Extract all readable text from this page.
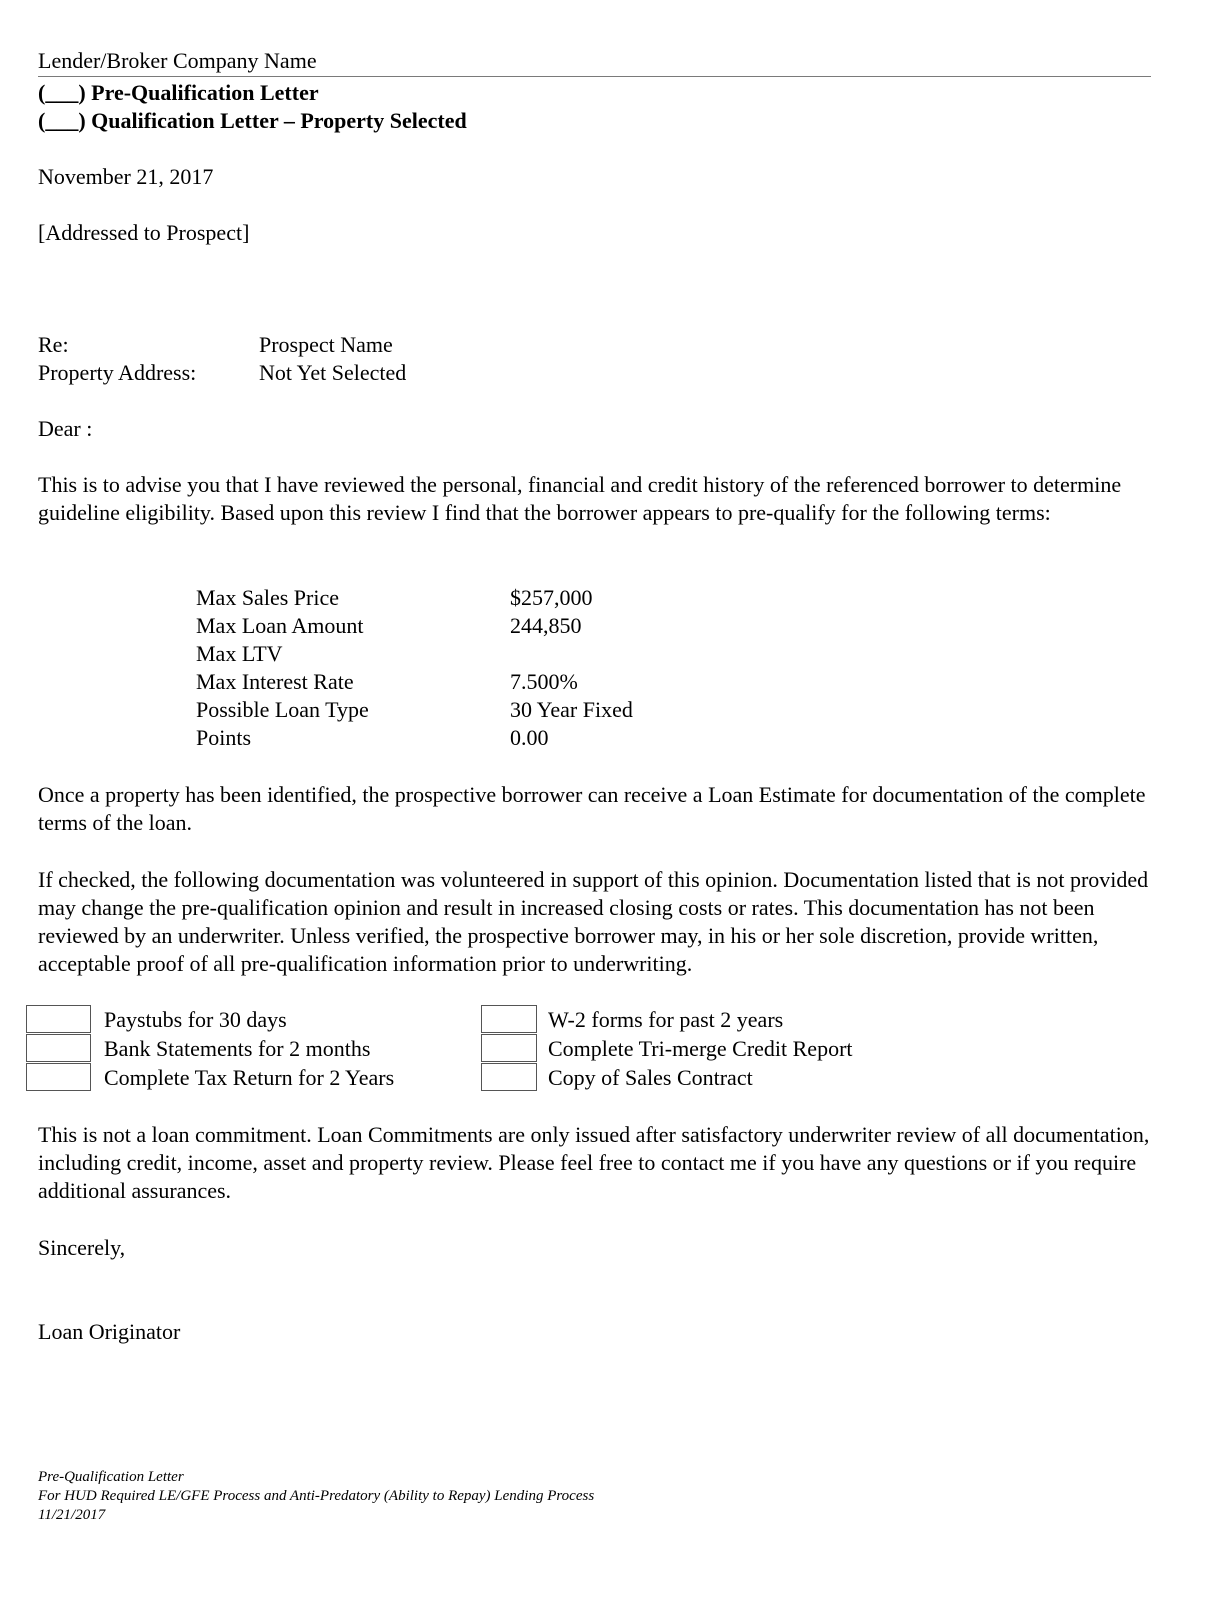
Lender/Broker Company Name
(___) Pre-Qualification Letter
(___) Qualification Letter – Property Selected
November 21, 2017
[Addressed to Prospect]
Re:	Prospect Name
Property Address:	Not Yet Selected
Dear :
This is to advise you that I have reviewed the personal, financial and credit history of the referenced borrower to determine guideline eligibility. Based upon this review I find that the borrower appears to pre-qualify for the following terms:
Max Sales Price	$257,000
Max Loan Amount	244,850
Max LTV
Max Interest Rate	7.500%
Possible Loan Type	30 Year Fixed
Points	0.00
Once a property has been identified, the prospective borrower can receive a Loan Estimate for documentation of the complete terms of the loan.
If checked, the following documentation was volunteered in support of this opinion. Documentation listed that is not provided may change the pre-qualification opinion and result in increased closing costs or rates. This documentation has not been reviewed by an underwriter. Unless verified, the prospective borrower may, in his or her sole discretion, provide written, acceptable proof of all pre-qualification information prior to underwriting.
Paystubs for 30 days
Bank Statements for 2 months
Complete Tax Return for 2 Years
W-2 forms for past 2 years
Complete Tri-merge Credit Report
Copy of Sales Contract
This is not a loan commitment. Loan Commitments are only issued after satisfactory underwriter review of all documentation, including credit, income, asset and property review. Please feel free to contact me if you have any questions or if you require additional assurances.
Sincerely,
Loan Originator
Pre-Qualification Letter
For HUD Required LE/GFE Process and Anti-Predatory (Ability to Repay) Lending Process
11/21/2017
